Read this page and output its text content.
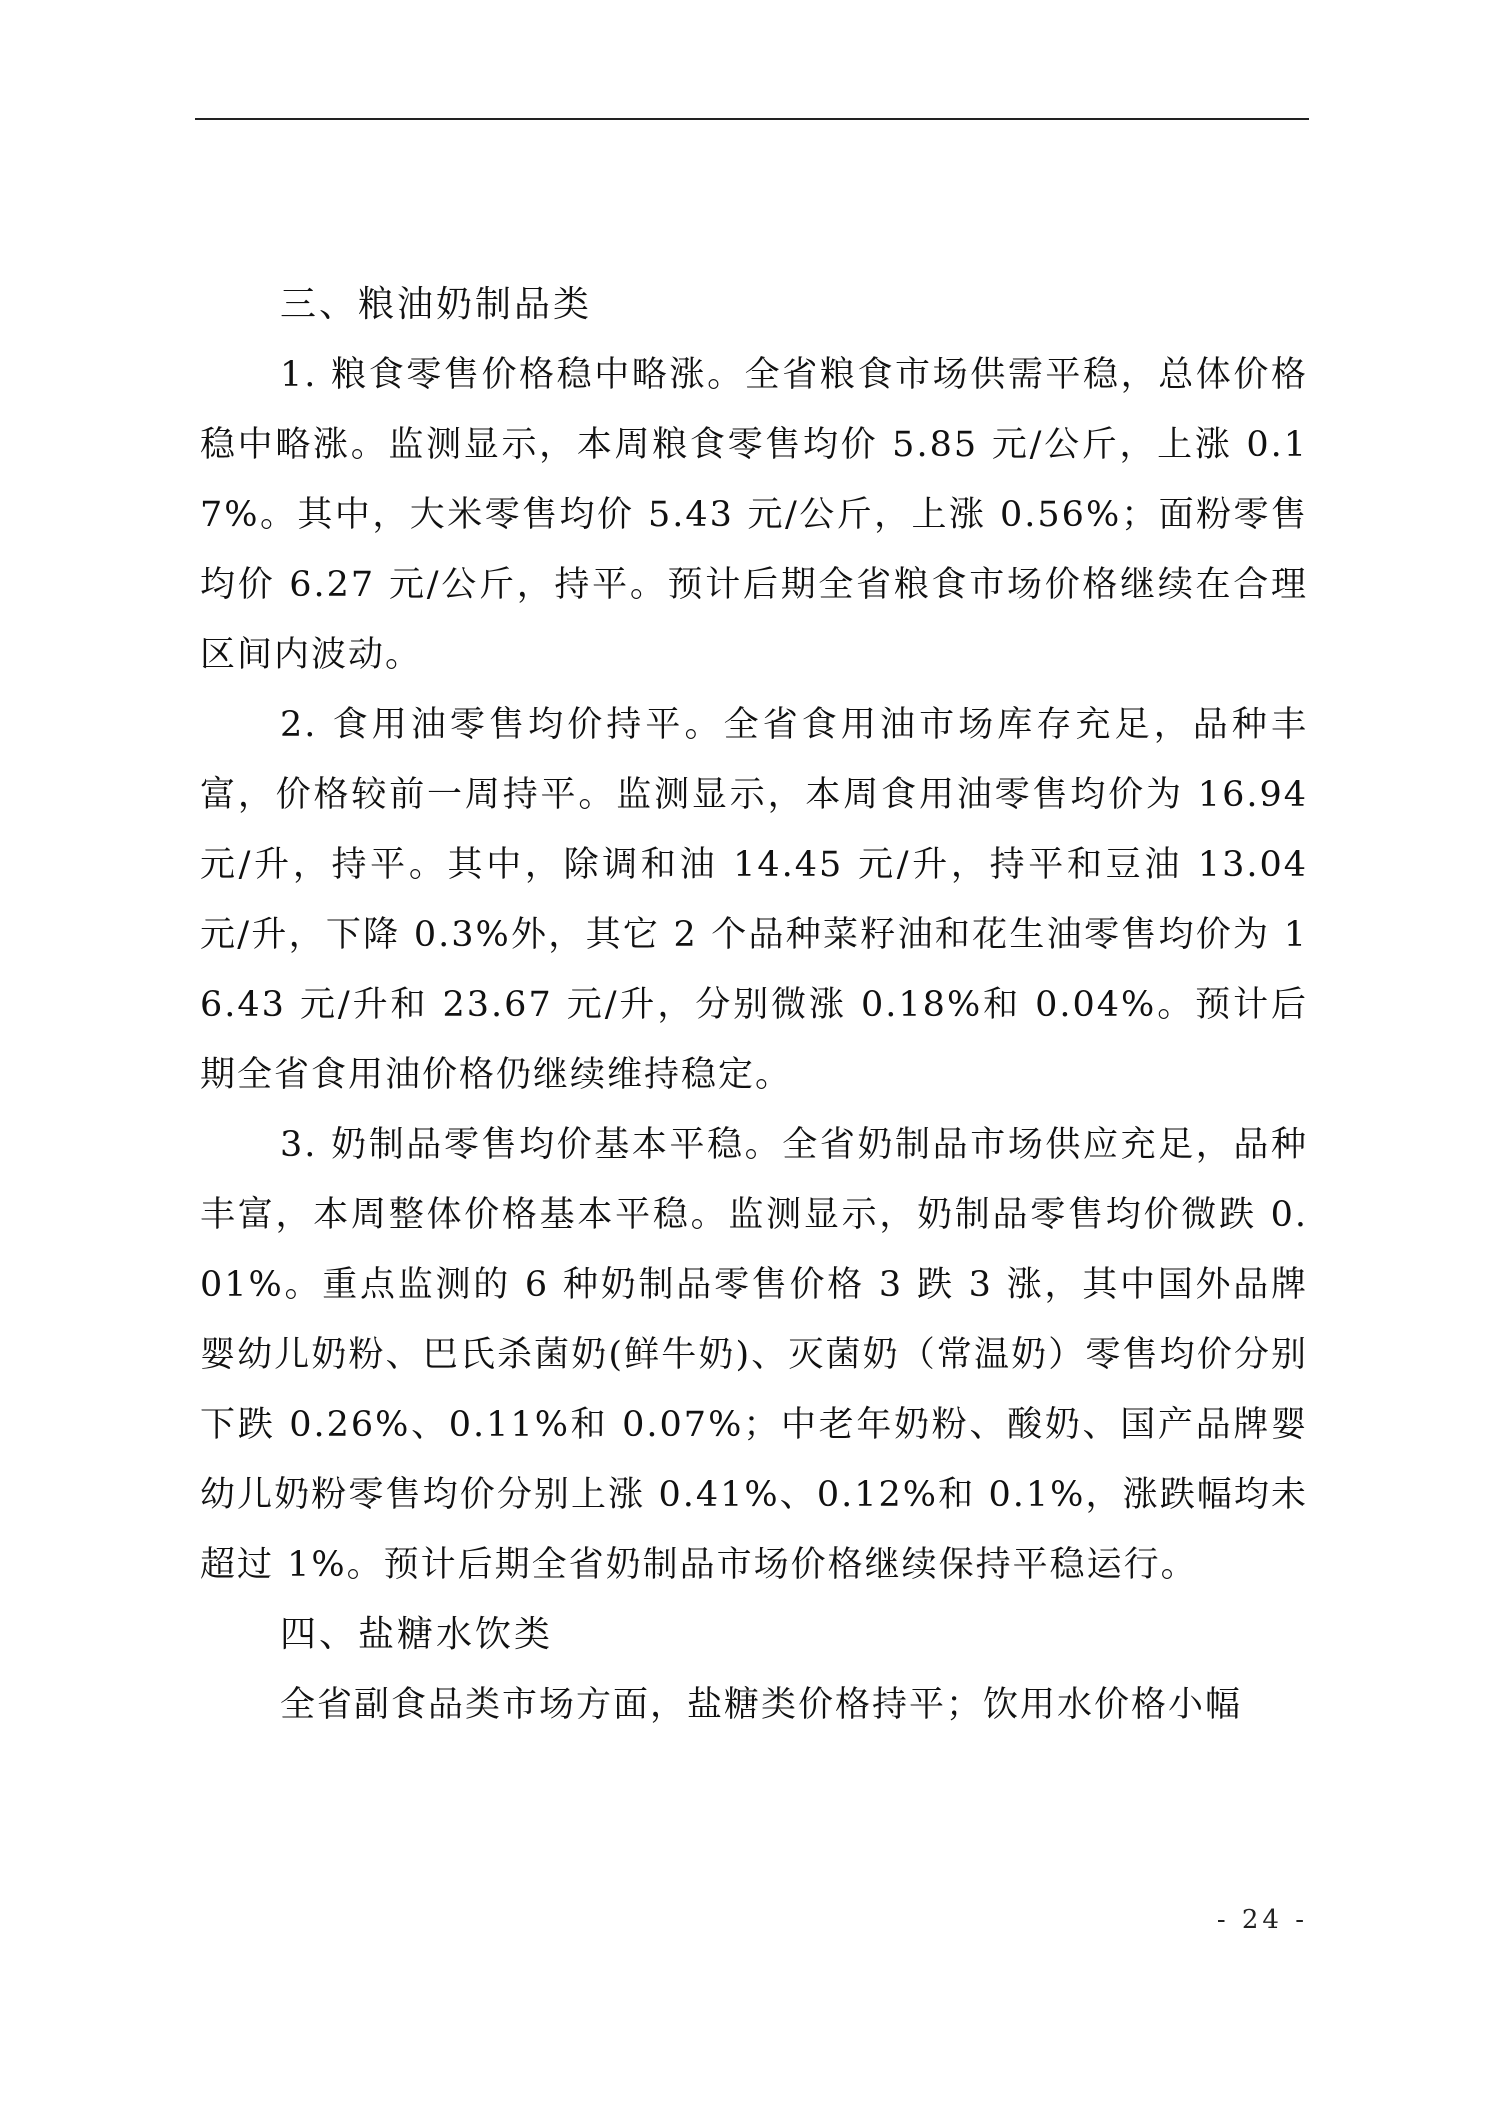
三、粮油奶制品类

1. 粮食零售价格稳中略涨。全省粮食市场供需平稳，总体价格稳中略涨。监测显示，本周粮食零售均价 5.85 元/公斤，上涨 0.17%。其中，大米零售均价 5.43 元/公斤，上涨 0.56%；面粉零售均价 6.27 元/公斤，持平。预计后期全省粮食市场价格继续在合理区间内波动。

2. 食用油零售均价持平。全省食用油市场库存充足，品种丰富，价格较前一周持平。监测显示，本周食用油零售均价为 16.94 元/升，持平。其中，除调和油 14.45 元/升，持平和豆油 13.04 元/升，下降 0.3%外，其它 2 个品种菜籽油和花生油零售均价为 16.43 元/升和 23.67 元/升，分别微涨 0.18%和 0.04%。预计后期全省食用油价格仍继续维持稳定。

3. 奶制品零售均价基本平稳。全省奶制品市场供应充足，品种丰富，本周整体价格基本平稳。监测显示，奶制品零售均价微跌 0.01%。重点监测的 6 种奶制品零售价格 3 跌 3 涨，其中国外品牌婴幼儿奶粉、巴氏杀菌奶(鲜牛奶)、灭菌奶（常温奶）零售均价分别下跌 0.26%、0.11%和 0.07%；中老年奶粉、酸奶、国产品牌婴幼儿奶粉零售均价分别上涨 0.41%、0.12%和 0.1%，涨跌幅均未超过 1%。预计后期全省奶制品市场价格继续保持平稳运行。

四、盐糖水饮类

全省副食品类市场方面，盐糖类价格持平；饮用水价格小幅

- 24 -
